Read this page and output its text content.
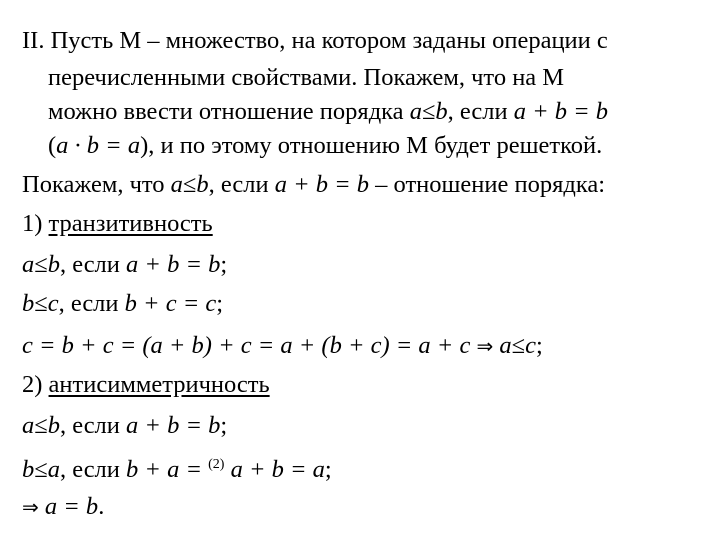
II. Пусть М – множество, на котором заданы операции с
перечисленными свойствами. Покажем, что на М
можно ввести отношение порядка a≤b, если a + b = b
(a · b = a), и по этому отношению М будет решеткой.
Покажем, что a≤b, если a + b = b – отношение порядка:
1) транзитивность
a≤b, если a + b = b;
b≤c, если b + c = c;
c = b + c = (a + b) + c = a + (b + c) = a + c ⇒ a≤c;
2) антисимметричность
a≤b, если a + b = b;
b≤a, если b + a = $^{(2)}$ a + b = a;
⇒ a = b.
